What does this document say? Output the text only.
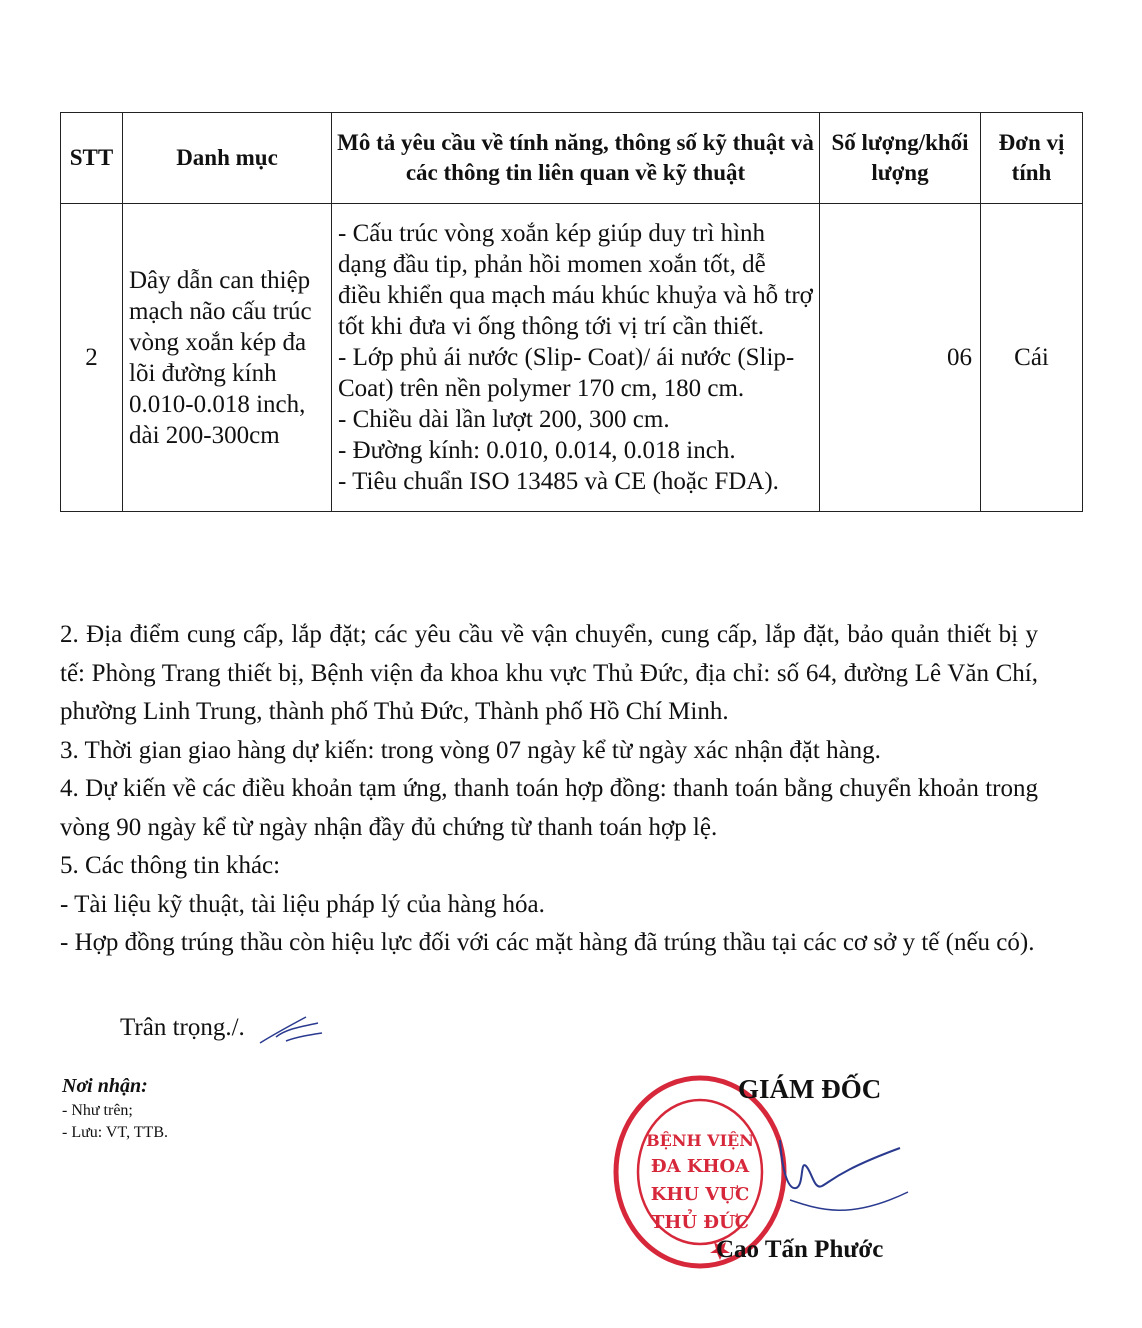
STT	Danh mục	Mô tả yêu cầu về tính năng, thông số kỹ thuật và các thông tin liên quan về kỹ thuật	Số lượng/khối lượng	Đơn vị tính
2	Dây dẫn can thiệp mạch não cấu trúc vòng xoắn kép đa lõi đường kính 0.010-0.018 inch, dài 200-300cm	- Cấu trúc vòng xoắn kép giúp duy trì hình dạng đầu tip, phản hồi momen xoắn tốt, dễ điều khiển qua mạch máu khúc khuỷa và hỗ trợ tốt khi đưa vi ống thông tới vị trí cần thiết.
- Lớp phủ ái nước (Slip- Coat)/ ái nước (Slip- Coat) trên nền polymer 170 cm, 180 cm.
- Chiều dài lần lượt 200, 300 cm.
- Đường kính: 0.010, 0.014, 0.018 inch.
- Tiêu chuẩn ISO 13485 và CE (hoặc FDA).	06	Cái

2. Địa điểm cung cấp, lắp đặt; các yêu cầu về vận chuyển, cung cấp, lắp đặt, bảo quản thiết bị y tế: Phòng Trang thiết bị, Bệnh viện đa khoa khu vực Thủ Đức, địa chỉ: số 64, đường Lê Văn Chí, phường Linh Trung, thành phố Thủ Đức, Thành phố Hồ Chí Minh.

3. Thời gian giao hàng dự kiến: trong vòng 07 ngày kể từ ngày xác nhận đặt hàng.

4. Dự kiến về các điều khoản tạm ứng, thanh toán hợp đồng: thanh toán bằng chuyển khoản trong vòng 90 ngày kể từ ngày nhận đầy đủ chứng từ thanh toán hợp lệ.

5. Các thông tin khác:

- Tài liệu kỹ thuật, tài liệu pháp lý của hàng hóa.

- Hợp đồng trúng thầu còn hiệu lực đối với các mặt hàng đã trúng thầu tại các cơ sở y tế (nếu có).

Trân trọng./.
Nơi nhận:
- Như trên;
- Lưu: VT, TTB.	BỆNH VIỆN
ĐA KHOA
KHU VỰC
THỦ ĐỨC
GIÁM ĐỐC
Cao Tấn Phước
